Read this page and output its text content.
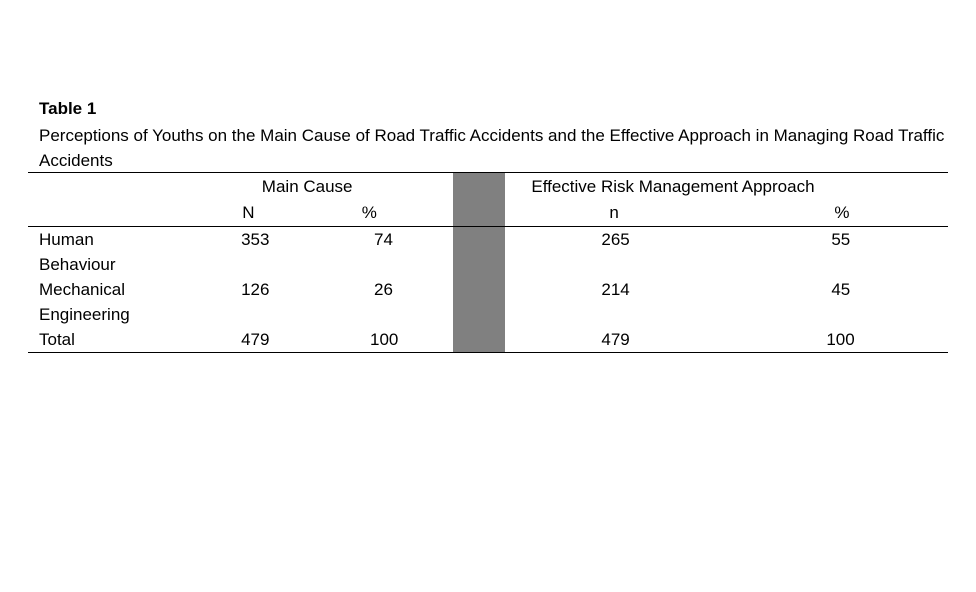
Table 1

Perceptions of Youths on the Main Cause of Road Traffic Accidents and the Effective Approach in Managing Road Traffic Accidents

	Main Cause				Effective Risk Management Approach	
	N		%		n	%
Human	353	74			265	55
Behaviour						
Mechanical	126	26			214	45
Engineering						
Total	479	100			479	100
